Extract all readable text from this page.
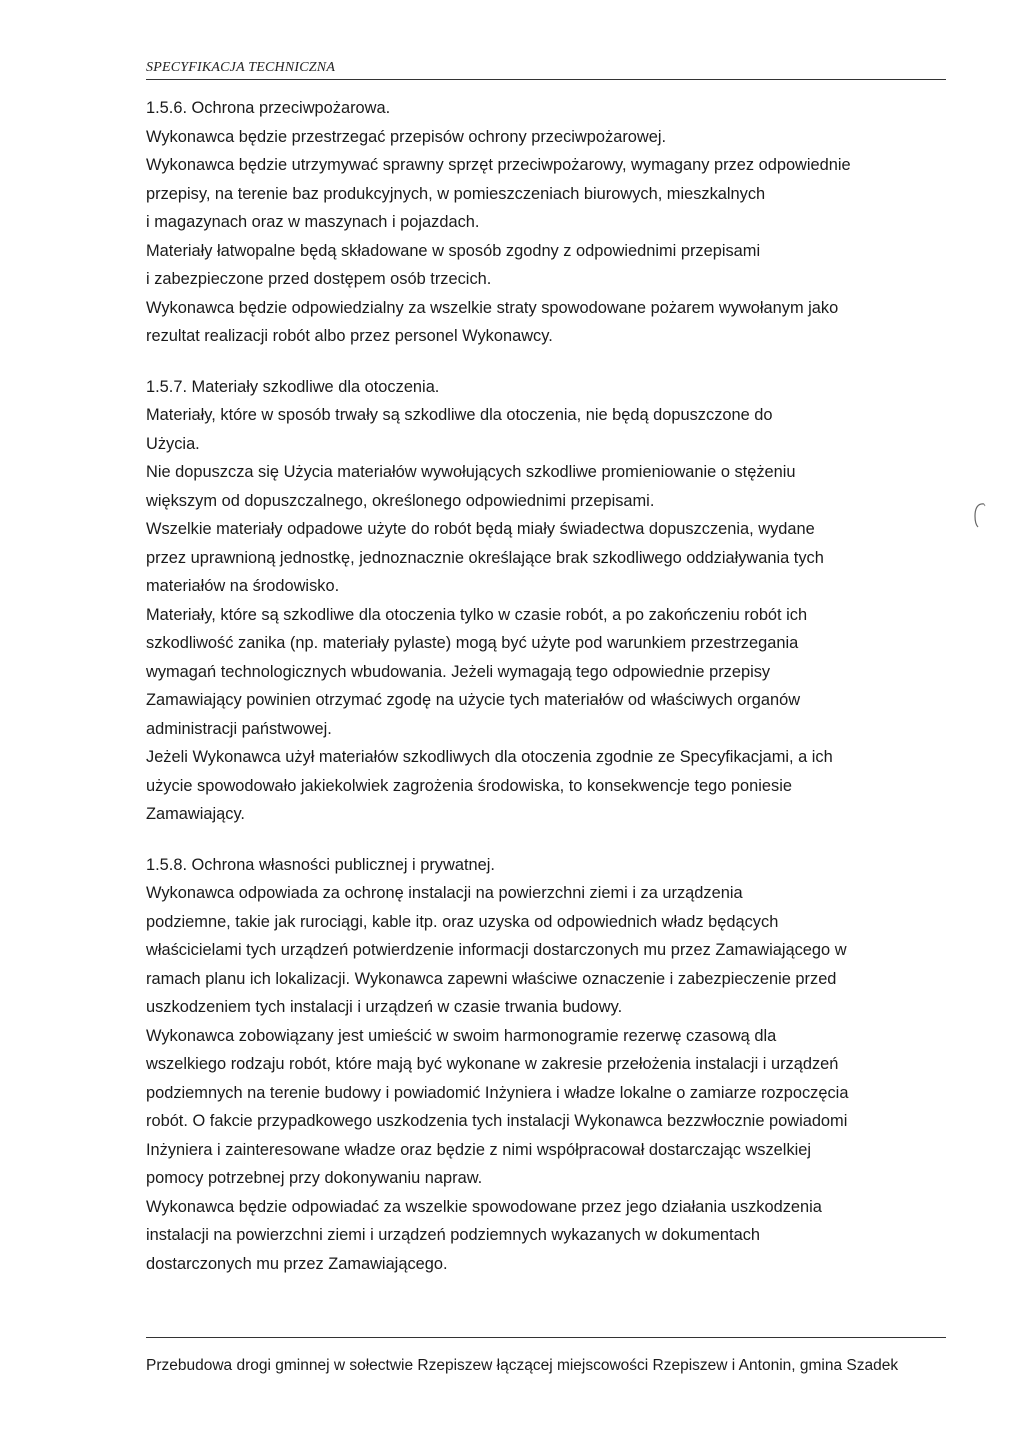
SPECYFIKACJA TECHNICZNA
1.5.6. Ochrona przeciwpożarowa.
Wykonawca będzie przestrzegać przepisów ochrony przeciwpożarowej.
Wykonawca będzie utrzymywać sprawny sprzęt przeciwpożarowy, wymagany przez odpowiednie
przepisy, na terenie baz produkcyjnych, w pomieszczeniach biurowych, mieszkalnych
i magazynach oraz w maszynach i pojazdach.
Materiały łatwopalne będą składowane w sposób zgodny z odpowiednimi przepisami
i zabezpieczone przed dostępem osób trzecich.
Wykonawca będzie odpowiedzialny za wszelkie straty spowodowane pożarem wywołanym jako
rezultat realizacji robót albo przez personel Wykonawcy.
1.5.7. Materiały szkodliwe dla otoczenia.
Materiały, które w sposób trwały są szkodliwe dla otoczenia, nie będą dopuszczone do
Użycia.
Nie dopuszcza się Użycia materiałów wywołujących szkodliwe promieniowanie o stężeniu
większym od dopuszczalnego, określonego odpowiednimi przepisami.
Wszelkie materiały odpadowe użyte do robót będą miały świadectwa dopuszczenia, wydane
przez uprawnioną jednostkę, jednoznacznie określające brak szkodliwego oddziaływania tych
materiałów na środowisko.
Materiały, które są szkodliwe dla otoczenia tylko w czasie robót, a po zakończeniu robót ich
szkodliwość zanika (np. materiały pylaste) mogą być użyte pod warunkiem przestrzegania
wymagań technologicznych wbudowania. Jeżeli wymagają tego odpowiednie przepisy
Zamawiający powinien otrzymać zgodę na użycie tych materiałów od właściwych organów
administracji państwowej.
Jeżeli Wykonawca użył materiałów szkodliwych dla otoczenia zgodnie ze Specyfikacjami, a ich
użycie spowodowało jakiekolwiek zagrożenia środowiska, to konsekwencje tego poniesie
Zamawiający.
1.5.8. Ochrona własności publicznej i prywatnej.
Wykonawca odpowiada za ochronę instalacji na powierzchni ziemi i za urządzenia
podziemne, takie jak rurociągi, kable itp. oraz uzyska od odpowiednich władz będących
właścicielami tych urządzeń potwierdzenie informacji dostarczonych mu przez Zamawiającego w
ramach planu ich lokalizacji. Wykonawca zapewni właściwe oznaczenie i zabezpieczenie przed
uszkodzeniem tych instalacji i urządzeń w czasie trwania budowy.
Wykonawca zobowiązany jest umieścić w swoim harmonogramie rezerwę czasową dla
wszelkiego rodzaju robót, które mają być wykonane w zakresie przełożenia instalacji i urządzeń
podziemnych na terenie budowy i powiadomić Inżyniera i władze lokalne o zamiarze rozpoczęcia
robót. O fakcie przypadkowego uszkodzenia tych instalacji Wykonawca bezzwłocznie powiadomi
Inżyniera i zainteresowane władze oraz będzie z nimi współpracował dostarczając wszelkiej
pomocy potrzebnej przy dokonywaniu napraw.
Wykonawca będzie odpowiadać za wszelkie spowodowane przez jego działania uszkodzenia
instalacji na powierzchni ziemi i urządzeń podziemnych wykazanych w dokumentach
dostarczonych mu przez Zamawiającego.
Przebudowa drogi gminnej w sołectwie Rzepiszew łączącej miejscowości Rzepiszew i Antonin, gmina Szadek
